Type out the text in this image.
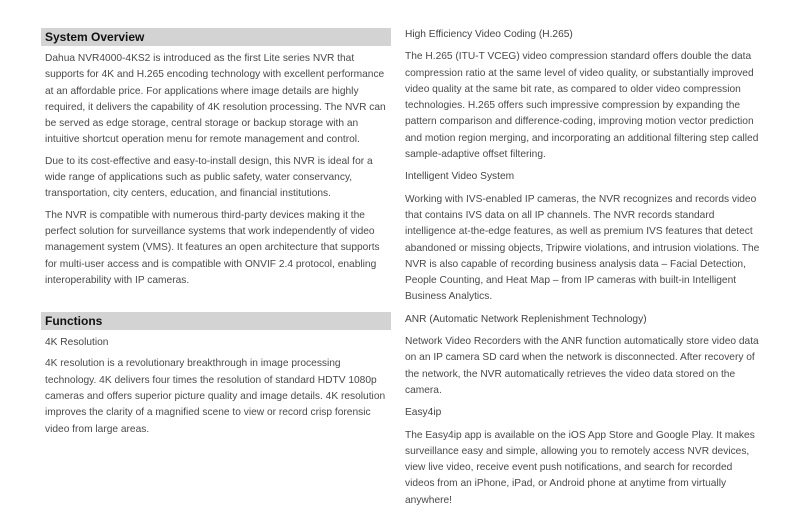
System Overview

Dahua NVR4000-4KS2 is introduced as the first Lite series NVR that supports for 4K and H.265 encoding technology with excellent performance at an affordable price. For applications where image details are highly required, it delivers the capability of 4K resolution processing. The NVR can be served as edge storage, central storage or backup storage with an intuitive shortcut operation menu for remote management and control.

Due to its cost-effective and easy-to-install design, this NVR is ideal for a wide range of applications such as public safety, water conservancy, transportation, city centers, education, and financial institutions.

The NVR is compatible with numerous third-party devices making it the perfect solution for surveillance systems that work independently of video management system (VMS). It features an open architecture that supports for multi-user access and is compatible with ONVIF 2.4 protocol, enabling interoperability with IP cameras.

Functions
4K Resolution

4K resolution is a revolutionary breakthrough in image processing technology. 4K delivers four times the resolution of standard HDTV 1080p cameras and offers superior picture quality and image details. 4K resolution improves the clarity of a magnified scene to view or record crisp forensic video from large areas.

High Efficiency Video Coding (H.265)

The H.265 (ITU-T VCEG) video compression standard offers double the data compression ratio at the same level of video quality, or substantially improved video quality at the same bit rate, as compared to older video compression technologies. H.265 offers such impressive compression by expanding the pattern comparison and difference-coding, improving motion vector prediction and motion region merging, and incorporating an additional filtering step called sample-adaptive offset filtering.

Intelligent Video System

Working with IVS-enabled IP cameras, the NVR recognizes and records video that contains IVS data on all IP channels. The NVR records standard intelligence at-the-edge features, as well as premium IVS features that detect abandoned or missing objects, Tripwire violations, and intrusion violations. The NVR is also capable of recording business analysis data – Facial Detection, People Counting, and Heat Map – from IP cameras with built-in Intelligent Business Analytics.

ANR (Automatic Network Replenishment Technology)

Network Video Recorders with the ANR function automatically store video data on an IP camera SD card when the network is disconnected. After recovery of the network, the NVR automatically retrieves the video data stored on the camera.

Easy4ip

The Easy4ip app is available on the iOS App Store and Google Play. It makes surveillance easy and simple, allowing you to remotely access NVR devices, view live video, receive event push notifications, and search for recorded videos from an iPhone, iPad, or Android phone at anytime from virtually anywhere!
